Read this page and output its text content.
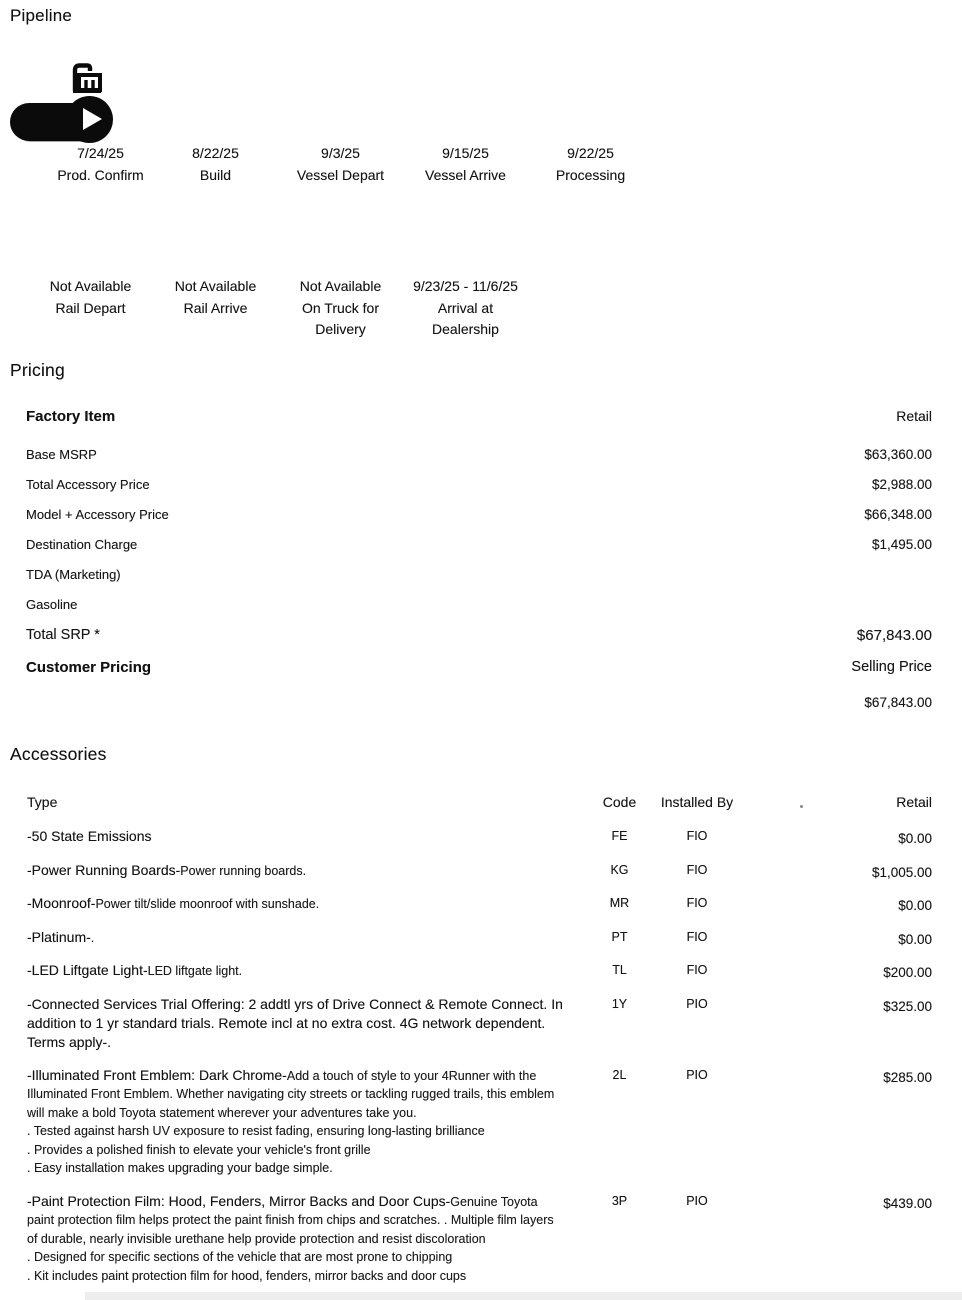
Pipeline
7/24/25
Prod. Confirm
8/22/25
Build
9/3/25
Vessel Depart
9/15/25
Vessel Arrive
9/22/25
Processing
Not Available
Rail Depart
Not Available
Rail Arrive
Not Available
On Truck for Delivery
9/23/25 - 11/6/25
Arrival at Dealership
Pricing
Factory Item	Retail
Base MSRP	$63,360.00
Total Accessory Price	$2,988.00
Model + Accessory Price	$66,348.00
Destination Charge	$1,495.00
TDA (Marketing)
Gasoline
Total SRP *	$67,843.00
Customer Pricing	Selling Price
$67,843.00
Accessories
Type	Code	Installed By	Retail
-50 State Emissions	FE	FIO	$0.00
-Power Running Boards-Power running boards.	KG	FIO	$1,005.00
-Moonroof-Power tilt/slide moonroof with sunshade.	MR	FIO	$0.00
-Platinum-.	PT	FIO	$0.00
-LED Liftgate Light-LED liftgate light.	TL	FIO	$200.00
-Connected Services Trial Offering: 2 addtl yrs of Drive Connect & Remote Connect. In addition to 1 yr standard trials. Remote incl at no extra cost. 4G network dependent. Terms apply-.
1Y	PIO	$325.00
-Illuminated Front Emblem: Dark Chrome-Add a touch of style to your 4Runner with the Illuminated Front Emblem. Whether navigating city streets or tackling rugged trails, this emblem will make a bold Toyota statement wherever your adventures take you.
. Tested against harsh UV exposure to resist fading, ensuring long-lasting brilliance
. Provides a polished finish to elevate your vehicle's front grille
. Easy installation makes upgrading your badge simple.
2L	PIO	$285.00
-Paint Protection Film: Hood, Fenders, Mirror Backs and Door Cups-Genuine Toyota paint protection film helps protect the paint finish from chips and scratches. . Multiple film layers of durable, nearly invisible urethane help provide protection and resist discoloration
. Designed for specific sections of the vehicle that are most prone to chipping
. Kit includes paint protection film for hood, fenders, mirror backs and door cups
3P	PIO	$439.00
